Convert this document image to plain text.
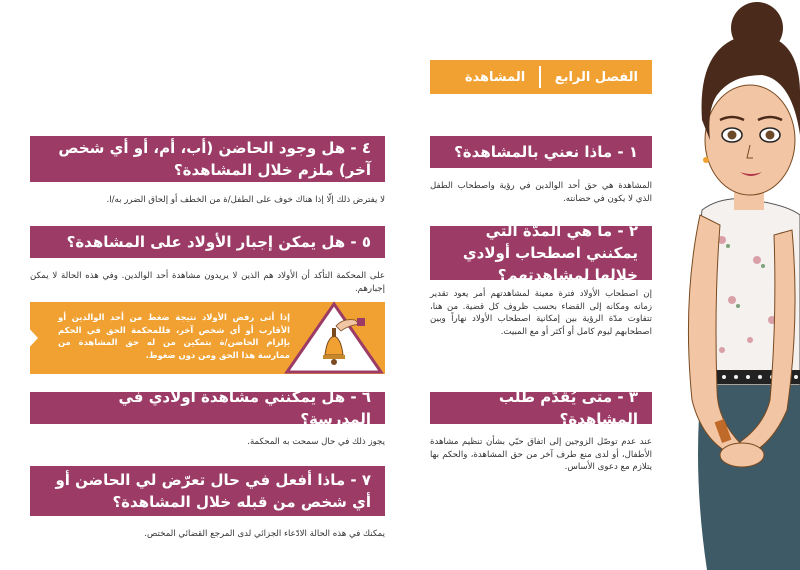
الفصل الرابع
المشاهدة
١ - ماذا نعني بالمشاهدة؟
المشاهدة هي حق أحد الوالدين في رؤية واصطحاب الطفل الذي لا يكون في حضانته.
٢ - ما هي المدّة التي يمكنني اصطحاب أولادي خلالها لمشاهدتهم؟
إن اصطحاب الأولاد فترة معينة لمشاهدتهم أمر يعود تقدير زمانه ومكانه إلى القضاء بحسب ظروف كل قضية. من هنا، تتفاوت مدّة الرؤية بين إمكانية اصطحاب الأولاد نهاراً وبين اصطحابهم ليوم كامل أو أكثر أو مع المبيت.
٣ - متى يُقدّم طلب المشاهدة؟
عند عدم توصّل الزوجين إلى اتفاق حبّي بشأن تنظيم مشاهدة الأطفال، أو لدى منع طرف آخر من حق المشاهدة، والحكم بها يتلازم مع دعوى الأساس.
٤ - هل وجود الحاضن (أب، أم، أو أي شخص آخر) ملزم خلال المشاهدة؟
لا يفترض ذلك إلّا إذا هناك خوف على الطفل/ة من الخطف أو إلحاق الضرر به/ا.
٥ - هل يمكن إجبار الأولاد على المشاهدة؟
على المحكمة التأكد أن الأولاد هم الذين لا يريدون مشاهدة أحد الوالدين. وفي هذه الحالة لا يمكن إجبارهم.
إذا أتى رفض الأولاد نتيجة ضغط من أحد الوالدين أو الأقارب أو أي شخص آخر، فللمحكمة الحق في الحكم بإلزام الحاضن/ة بتمكين من له حق المشاهدة من ممارسة هذا الحق ومن دون ضغوط.
٦ - هل يمكنني مشاهدة أولادي في المدرسة؟
يجوز ذلك في حال سمحت به المحكمة.
٧ - ماذا أفعل في حال تعرّض لي الحاضن أو أي شخص من قبله خلال المشاهدة؟
يمكنك في هذه الحالة الادّعاء الجزائي لدى المرجع القضائي المختص.
